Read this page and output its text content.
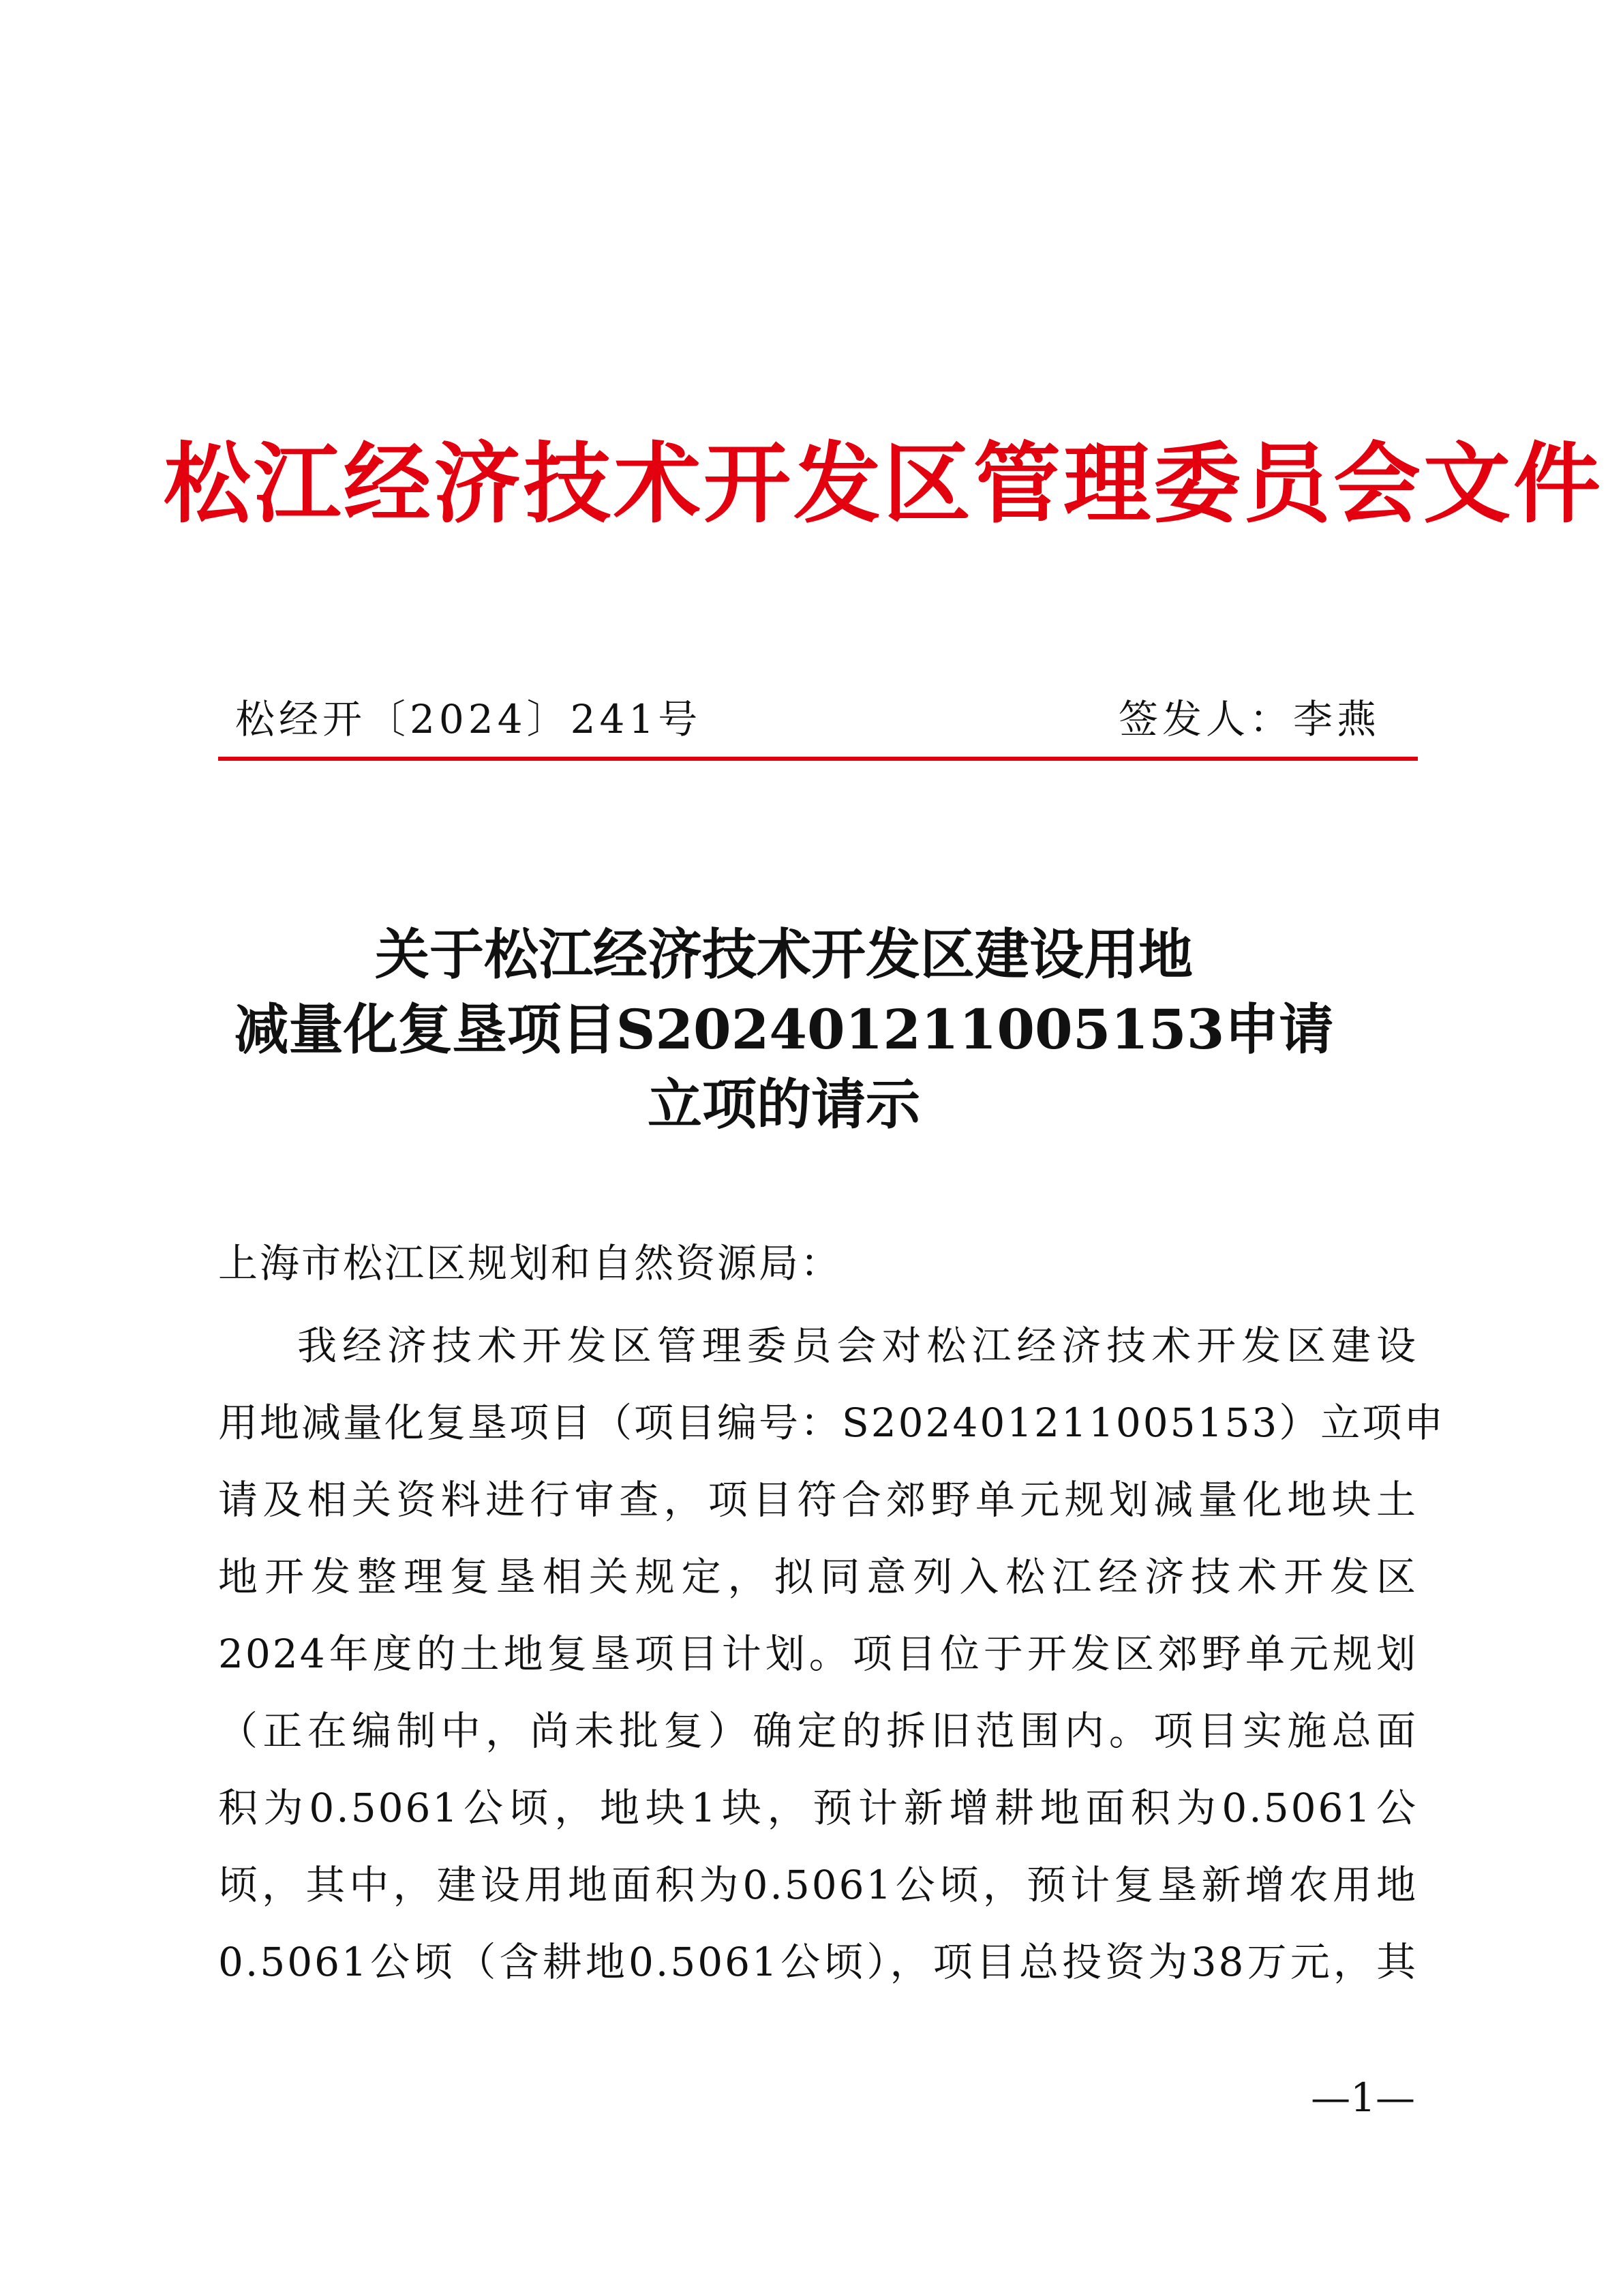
松江经济技术开发区管理委员会文件
松经开〔2024〕241号	签发人：李燕
关于松江经济技术开发区建设用地
减量化复垦项目S202401211005153申请
立项的请示
上海市松江区规划和自然资源局：
我经济技术开发区管理委员会对松江经济技术开发区建设
用地减量化复垦项目（项目编号：S202401211005153）立项申
请及相关资料进行审查，项目符合郊野单元规划减量化地块土
地开发整理复垦相关规定，拟同意列入松江经济技术开发区
2024年度的土地复垦项目计划。项目位于开发区郊野单元规划
（正在编制中，尚未批复）确定的拆旧范围内。项目实施总面
积为0.5061公顷，地块1块，预计新增耕地面积为0.5061公
顷，其中，建设用地面积为0.5061公顷，预计复垦新增农用地
0.5061公顷（含耕地0.5061公顷），项目总投资为38万元，其
—1—
